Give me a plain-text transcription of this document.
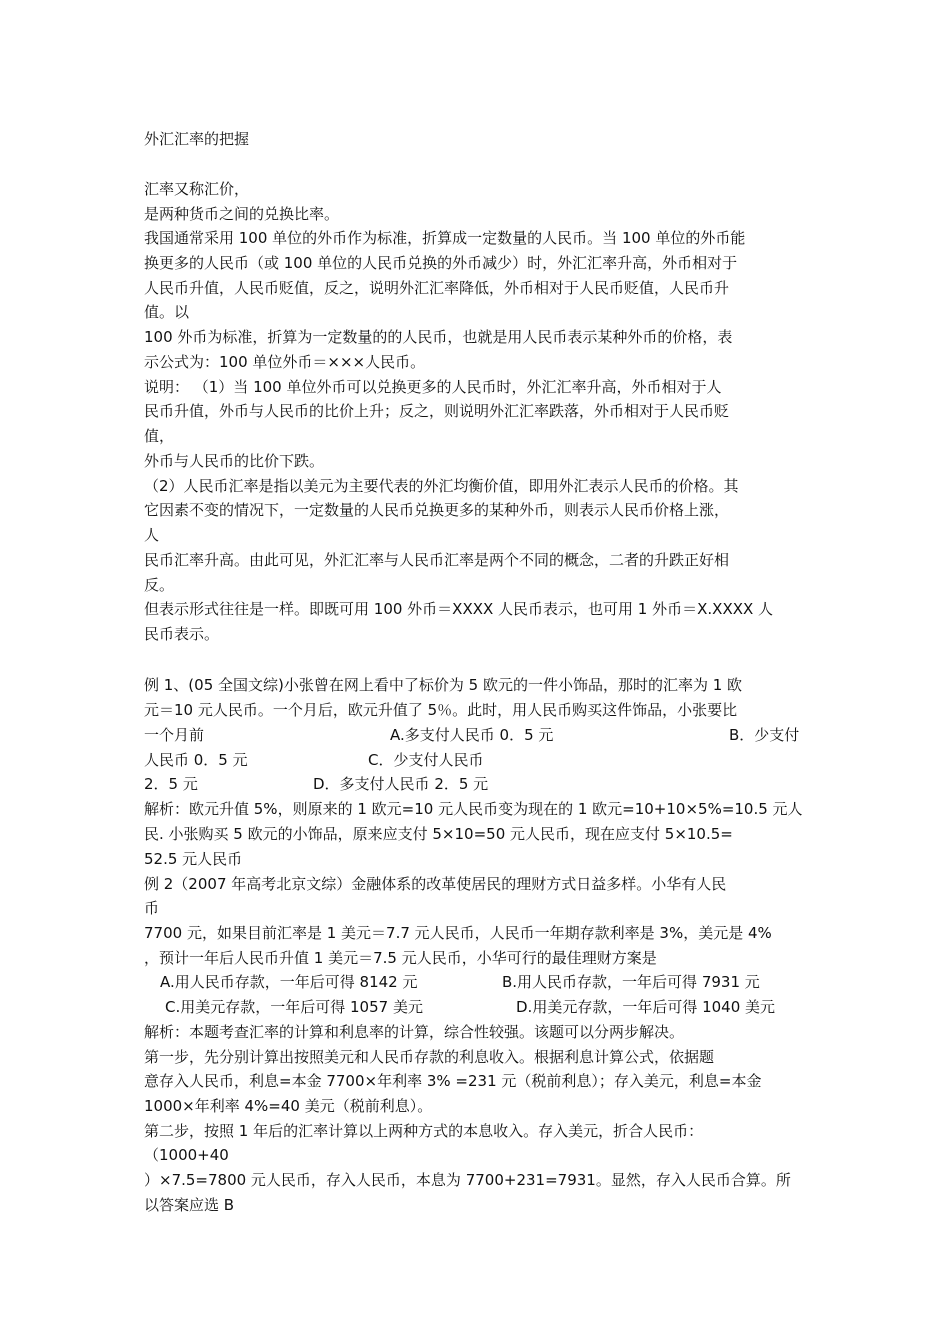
外汇汇率的把握
汇率又称汇价，
是两种货币之间的兑换比率。
我国通常采用 100 单位的外币作为标准，折算成一定数量的人民币。当 100 单位的外币能
换更多的人民币（或 100 单位的人民币兑换的外币减少）时，外汇汇率升高，外币相对于
人民币升值，人民币贬值，反之，说明外汇汇率降低，外币相对于人民币贬值，人民币升
值。以
100 外币为标准，折算为一定数量的的人民币，也就是用人民币表示某种外币的价格，表
示公式为：100 单位外币＝×××人民币。
说明： （1）当 100 单位外币可以兑换更多的人民币时，外汇汇率升高，外币相对于人
民币升值，外币与人民币的比价上升；反之，则说明外汇汇率跌落，外币相对于人民币贬
值，
外币与人民币的比价下跌。
（2）人民币汇率是指以美元为主要代表的外汇均衡价值，即用外汇表示人民币的价格。其
它因素不变的情况下，一定数量的人民币兑换更多的某种外币，则表示人民币价格上涨，
人
民币汇率升高。由此可见，外汇汇率与人民币汇率是两个不同的概念，二者的升跌正好相
反。
但表示形式往往是一样。即既可用 100 外币＝XXXX 人民币表示，也可用 1 外币＝X.XXXX 人
民币表示。
例 1、(05 全国文综)小张曾在网上看中了标价为 5 欧元的一件小饰品，那时的汇率为 1 欧
元＝10 元人民币。一个月后，欧元升值了 5％。此时，用人民币购买这件饰品，小张要比
一个月前	A.多支付人民币 0．5 元	B．少支付
人民币 0．5 元	C．少支付人民币
2．5 元	D．多支付人民币 2．5 元
解析：欧元升值 5%，则原来的 1 欧元=10 元人民币变为现在的 1 欧元=10+10×5%=10.5 元人
民. 小张购买 5 欧元的小饰品，原来应支付 5×10=50 元人民币，现在应支付 5×10.5=
52.5 元人民币
例 2（2007 年高考北京文综）金融体系的改革使居民的理财方式日益多样。小华有人民
币
7700 元，如果目前汇率是 1 美元＝7.7 元人民币，人民币一年期存款利率是 3%，美元是 4%
，预计一年后人民币升值 1 美元＝7.5 元人民币，小华可行的最佳理财方案是
A.用人民币存款，一年后可得 8142 元	B.用人民币存款，一年后可得 7931 元
C.用美元存款，一年后可得 1057 美元	D.用美元存款，一年后可得 1040 美元
解析：本题考查汇率的计算和利息率的计算，综合性较强。该题可以分两步解决。
第一步，先分别计算出按照美元和人民币存款的利息收入。根据利息计算公式，依据题
意存入人民币，利息=本金 7700×年利率 3% =231 元（税前利息）；存入美元，利息=本金
1000×年利率 4%=40 美元（税前利息）。
第二步，按照 1 年后的汇率计算以上两种方式的本息收入。存入美元，折合人民币：
（1000+40
）×7.5=7800 元人民币，存入人民币，本息为 7700+231=7931。显然，存入人民币合算。所
以答案应选 B
